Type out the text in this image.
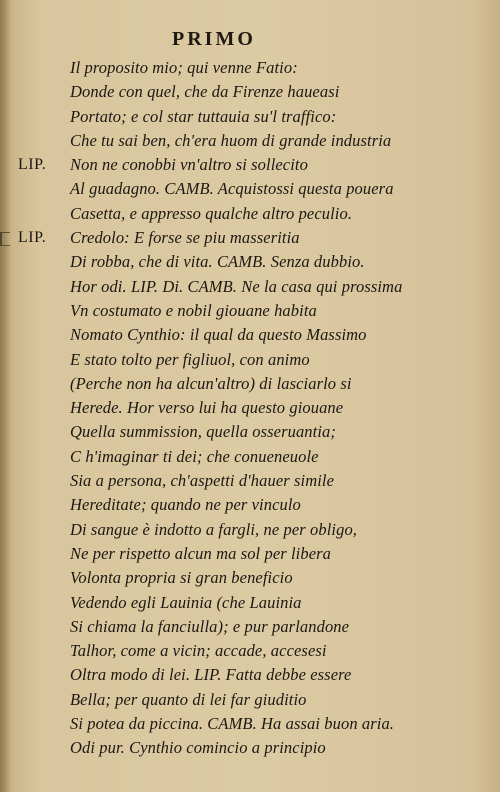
PRIMO
Il proposito mio; qui venne Fatio:
Donde con quel, che da Firenze haueasi
Portato; e col star tuttauia su'l traffico:
Che tu sai ben, ch'era huom di grande industria
LIP. Non ne conobbi vn'altro si sollecito
Al guadagno. CAMB. Acquistossi questa pouera
Casetta, e appresso qualche altro peculio.
LIP. Credolo: E forse se piu masseritia
Di robba, che di vita. CAMB. Senza dubbio.
Hor odi. LIP. Di. CAMB. Ne la casa qui prossima
Vn costumato e nobil giouane habita
Nomato Cynthio: il qual da questo Massimo
E stato tolto per figliuol, con animo
(Perche non ha alcun'altro) di lasciarlo si
Herede. Hor verso lui ha questo giouane
Quella summission, quella osseruantia;
C h'imaginar ti dei; che conueneuole
Sia a persona, ch'aspetti d'hauer simile
Hereditate; quando ne per vinculo
Di sangue è indotto a fargli, ne per obligo,
Ne per rispetto alcun ma sol per libera
Volonta propria si gran beneficio
Vedendo egli Lauinia (che Lauinia
Si chiama la fanciulla); e pur parlandone
Talhor, come a vicin; accade, accesesi
Oltra modo di lei. LIP. Fatta debbe essere
Bella; per quanto di lei far giuditio
Si potea da piccina. CAMB. Ha assai buon aria.
Odi pur. Cynthio comincio a principio
